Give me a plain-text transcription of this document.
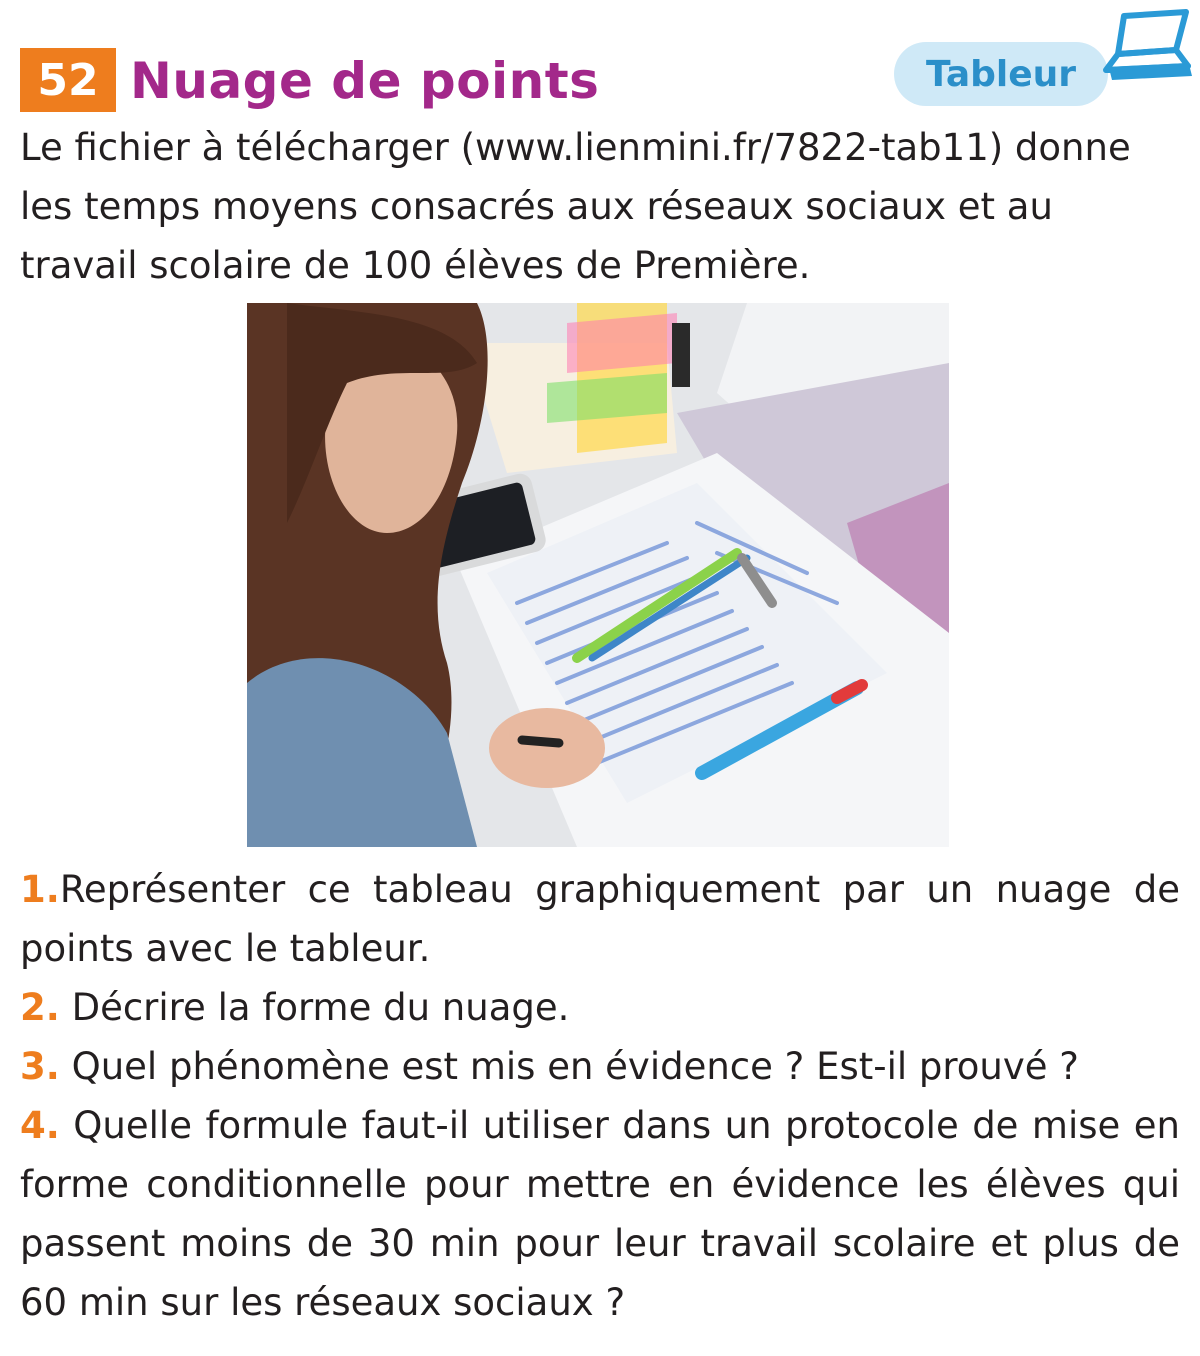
52 Nuage de points	Tableur

Le fichier à télécharger (www.lienmini.fr/7822-tab11) donne les temps moyens consacrés aux réseaux sociaux et au travail scolaire de 100 élèves de Première.

1.Représenter ce tableau graphiquement par un nuage de points avec le tableur.
2. Décrire la forme du nuage.
3. Quel phénomène est mis en évidence ? Est-il prouvé ?
4. Quelle formule faut-il utiliser dans un protocole de mise en forme conditionnelle pour mettre en évidence les élèves qui passent moins de 30 min pour leur travail scolaire et plus de 60 min sur les réseaux sociaux ?
